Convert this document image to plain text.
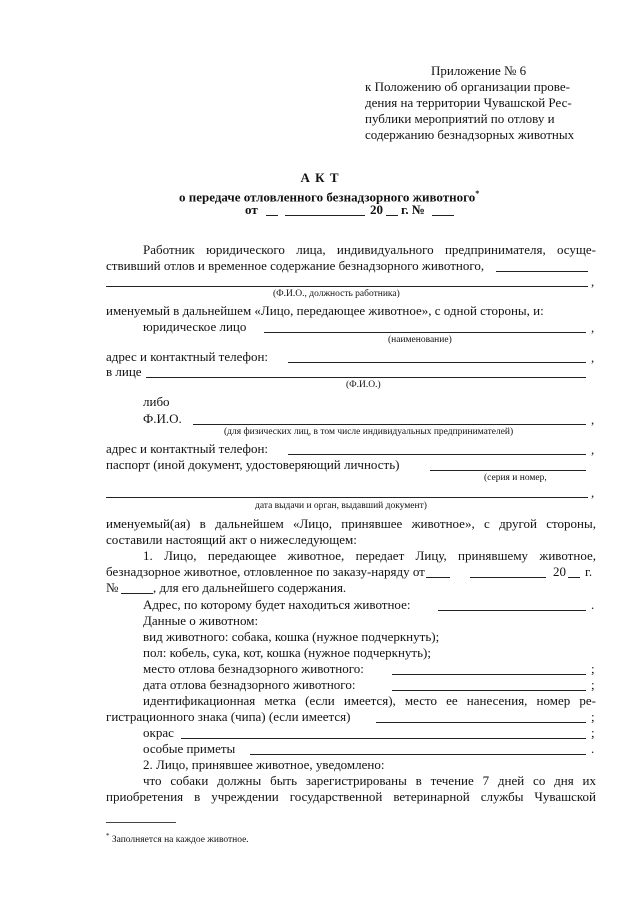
Приложение № 6
к Положению об организации прове-
дения на территории Чувашской Рес-
публики мероприятий по отлову и
содержанию безнадзорных животных
А К Т
о передаче отловленного безнадзорного животного*
от	20 г. №
Работник юридического лица, индивидуального предпринимателя, осуще-
ствивший отлов и временное содержание безнадзорного животного,
,
(Ф.И.О., должность работника)
именуемый в дальнейшем «Лицо, передающее животное», с одной стороны, и:
юридическое лицо	,
(наименование)
адрес и контактный телефон:	,
в лице
(Ф.И.О.)
либо
Ф.И.О.	,
(для физических лиц, в том числе индивидуальных предпринимателей)
адрес и контактный телефон:	,
паспорт (иной документ, удостоверяющий личность)
(серия и номер,
,
дата выдачи и орган, выдавший документ)
именуемый(ая) в дальнейшем «Лицо, принявшее животное», с другой стороны,
составили настоящий акт о нижеследующем:
1. Лицо, передающее животное, передает Лицу, принявшему животное,
безнадзорное животное, отловленное по заказу-наряду от	20 г.
№	, для его дальнейшего содержания.
Адрес, по которому будет находиться животное:	.
Данные о животном:
вид животного: собака, кошка (нужное подчеркнуть);
пол: кобель, сука, кот, кошка (нужное подчеркнуть);
место отлова безнадзорного животного:	;
дата отлова безнадзорного животного:	;
идентификационная метка (если имеется), место ее нанесения, номер ре-
гистрационного знака (чипа) (если имеется)	;
окрас	;
особые приметы	.
2. Лицо, принявшее животное, уведомлено:
что собаки должны быть зарегистрированы в течение 7 дней со дня их
приобретения в учреждении государственной ветеринарной службы Чувашской
* Заполняется на каждое животное.
